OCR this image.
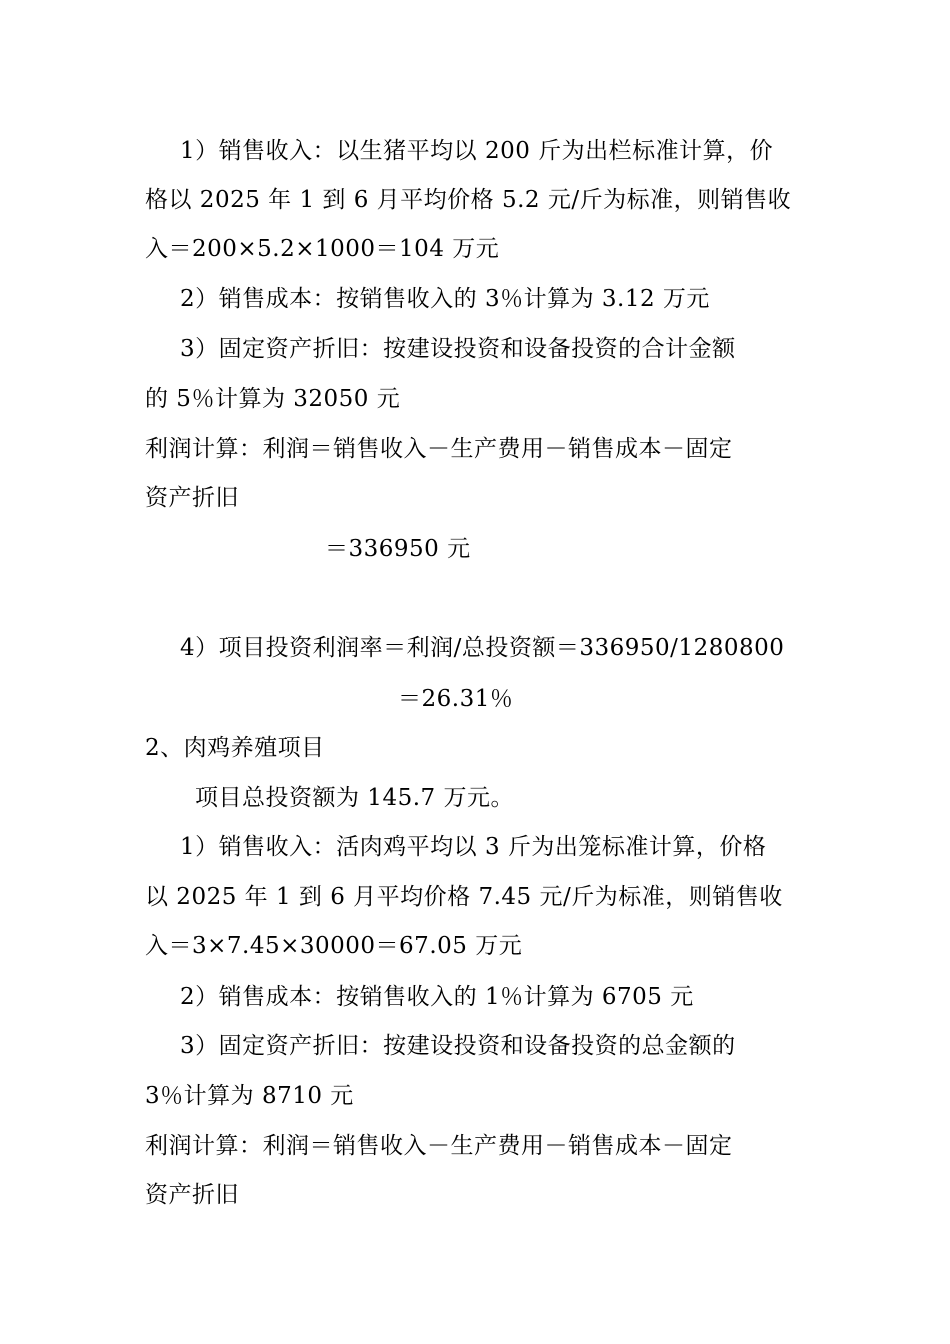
1）销售收入：以生猪平均以 200 斤为出栏标准计算，价
格以 2025 年 1 到 6 月平均价格 5.2 元/斤为标准，则销售收
入＝200×5.2×1000＝104 万元
2）销售成本：按销售收入的 3％计算为 3.12 万元
3）固定资产折旧：按建设投资和设备投资的合计金额
的 5％计算为 32050 元
利润计算：利润＝销售收入－生产费用－销售成本－固定
资产折旧
＝336950 元
4）项目投资利润率＝利润/总投资额＝336950/1280800
＝26.31％
2、肉鸡养殖项目
项目总投资额为 145.7 万元。
1）销售收入：活肉鸡平均以 3 斤为出笼标准计算，价格
以 2025 年 1 到 6 月平均价格 7.45 元/斤为标准，则销售收
入＝3×7.45×30000＝67.05 万元
2）销售成本：按销售收入的 1％计算为 6705 元
3）固定资产折旧：按建设投资和设备投资的总金额的
3％计算为 8710 元
利润计算：利润＝销售收入－生产费用－销售成本－固定
资产折旧
